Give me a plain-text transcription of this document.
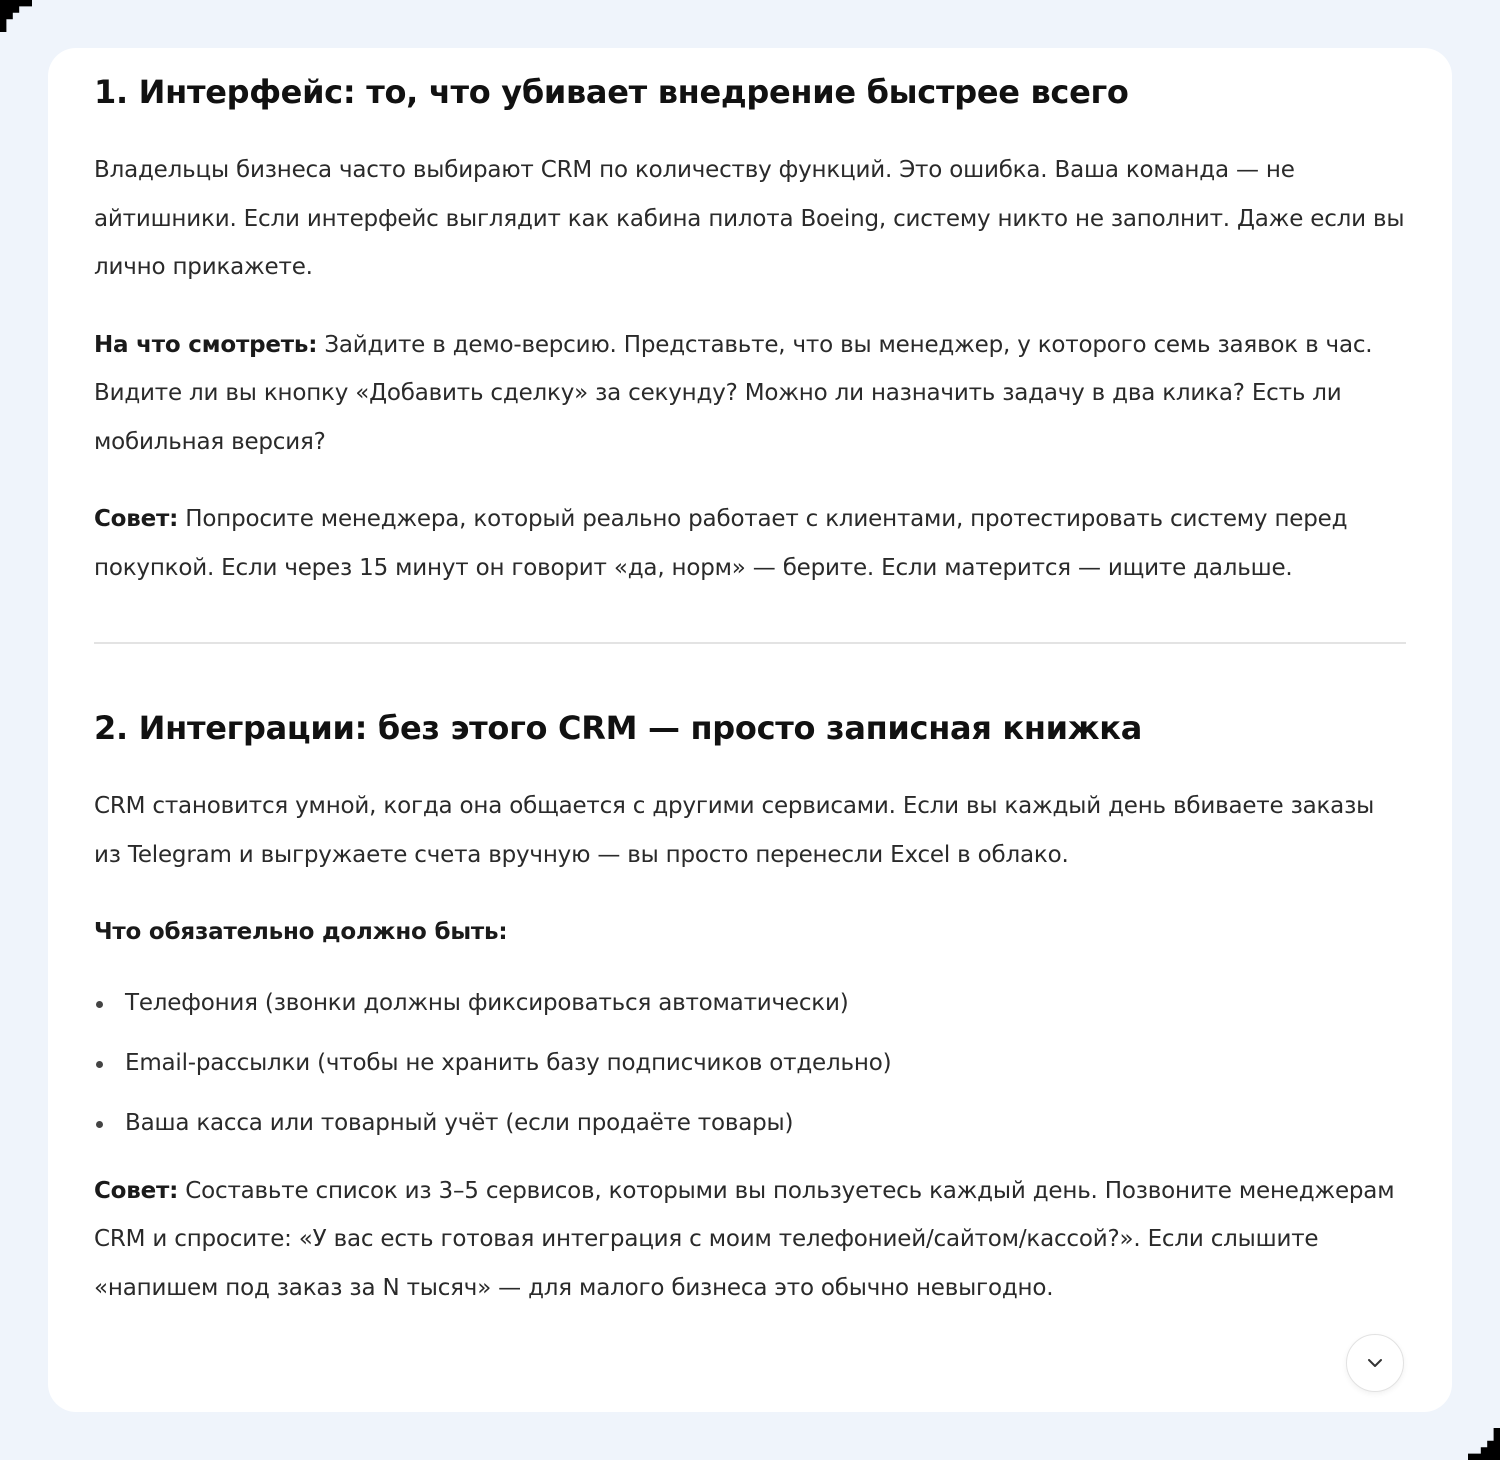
1. Интерфейс: то, что убивает внедрение быстрее всего

Владельцы бизнеса часто выбирают CRM по количеству функций. Это ошибка. Ваша команда — не айтишники. Если интерфейс выглядит как кабина пилота Boeing, систему никто не заполнит. Даже если вы лично прикажете.

На что смотреть: Зайдите в демо-версию. Представьте, что вы менеджер, у которого семь заявок в час. Видите ли вы кнопку «Добавить сделку» за секунду? Можно ли назначить задачу в два клика? Есть ли мобильная версия?

Совет: Попросите менеджера, который реально работает с клиентами, протестировать систему перед покупкой. Если через 15 минут он говорит «да, норм» — берите. Если матерится — ищите дальше.

2. Интеграции: без этого CRM — просто записная книжка

CRM становится умной, когда она общается с другими сервисами. Если вы каждый день вбиваете заказы из Telegram и выгружаете счета вручную — вы просто перенесли Excel в облако.

Что обязательно должно быть:

Телефония (звонки должны фиксироваться автоматически)
Email-рассылки (чтобы не хранить базу подписчиков отдельно)
Ваша касса или товарный учёт (если продаёте товары)

Совет: Составьте список из 3–5 сервисов, которыми вы пользуетесь каждый день. Позвоните менеджерам CRM и спросите: «У вас есть готовая интеграция с моим телефонией/сайтом/кассой?». Если слышите «напишем под заказ за N тысяч» — для малого бизнеса это обычно невыгодно.
